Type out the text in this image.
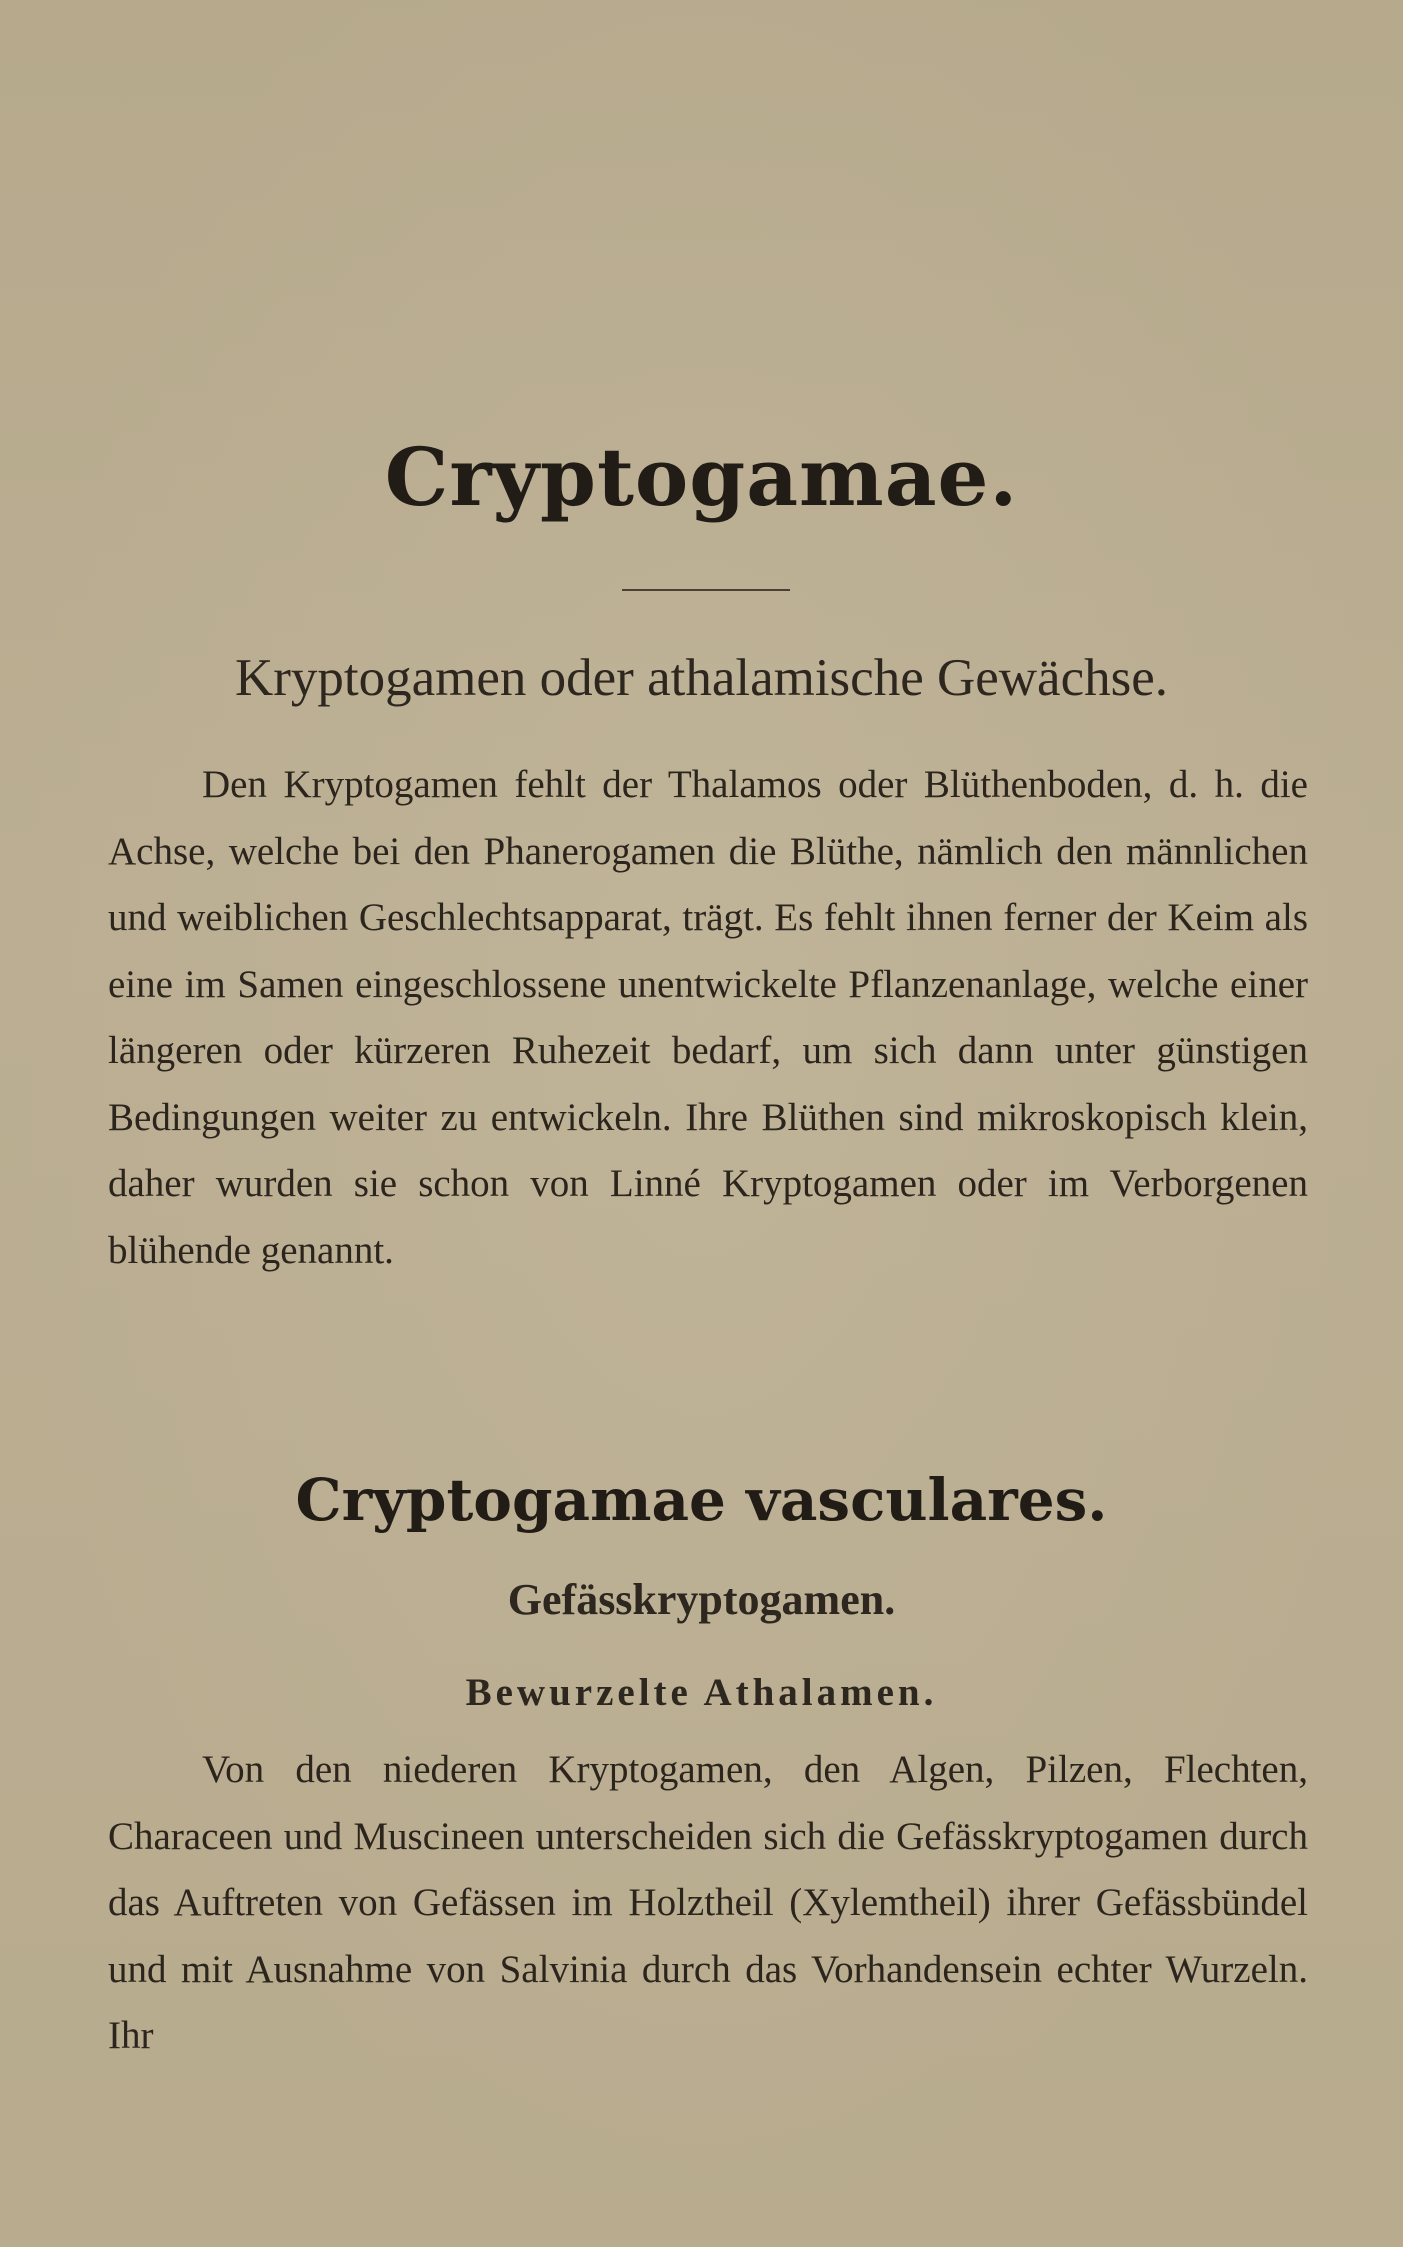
Cryptogamae.
Kryptogamen oder athalamische Gewächse.

Den Kryptogamen fehlt der Thalamos oder Blüthenboden, d. h. die Achse, welche bei den Phanerogamen die Blüthe, nämlich den männlichen und weiblichen Geschlechtsapparat, trägt. Es fehlt ihnen ferner der Keim als eine im Samen eingeschlossene unentwickelte Pflanzenanlage, welche einer längeren oder kürzeren Ruhezeit bedarf, um sich dann unter günstigen Bedingungen weiter zu entwickeln. Ihre Blüthen sind mikroskopisch klein, daher wurden sie schon von Linné Kryptogamen oder im Verborgenen blühende genannt.

Cryptogamae vasculares.
Gefässkryptogamen.
Bewurzelte Athalamen.

Von den niederen Kryptogamen, den Algen, Pilzen, Flechten, Characeen und Muscineen unterscheiden sich die Gefässkryptogamen durch das Auftreten von Gefässen im Holztheil (Xylemtheil) ihrer Gefässbündel und mit Ausnahme von Salvinia durch das Vorhandensein echter Wurzeln. Ihr
